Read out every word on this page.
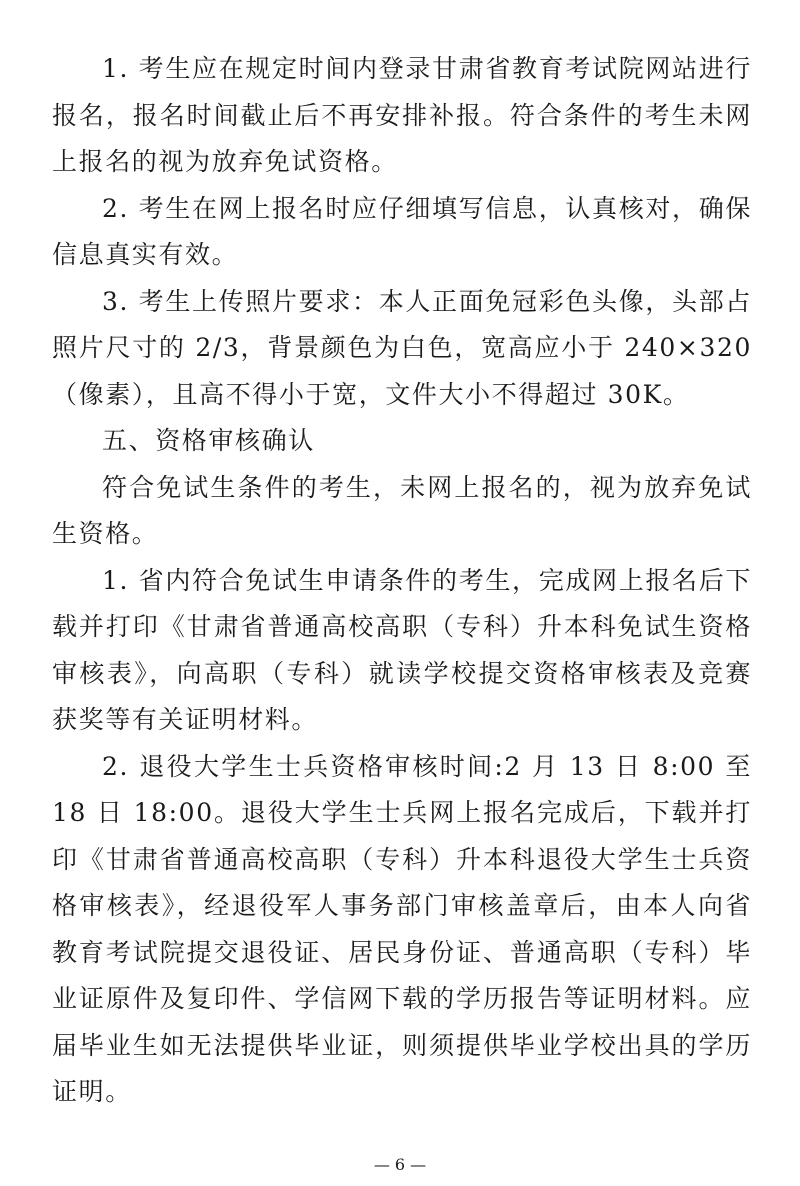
1. 考生应在规定时间内登录甘肃省教育考试院网站进行报名，报名时间截止后不再安排补报。符合条件的考生未网上报名的视为放弃免试资格。

2. 考生在网上报名时应仔细填写信息，认真核对，确保信息真实有效。

3. 考生上传照片要求：本人正面免冠彩色头像，头部占照片尺寸的 2/3，背景颜色为白色，宽高应小于 240×320（像素），且高不得小于宽，文件大小不得超过 30K。

五、资格审核确认

符合免试生条件的考生，未网上报名的，视为放弃免试生资格。

1. 省内符合免试生申请条件的考生，完成网上报名后下载并打印《甘肃省普通高校高职（专科）升本科免试生资格审核表》，向高职（专科）就读学校提交资格审核表及竞赛获奖等有关证明材料。

2. 退役大学生士兵资格审核时间:2 月 13 日 8:00 至 18 日 18:00。退役大学生士兵网上报名完成后，下载并打印《甘肃省普通高校高职（专科）升本科退役大学生士兵资格审核表》，经退役军人事务部门审核盖章后，由本人向省教育考试院提交退役证、居民身份证、普通高职（专科）毕业证原件及复印件、学信网下载的学历报告等证明材料。应届毕业生如无法提供毕业证，则须提供毕业学校出具的学历证明。

— 6 —
